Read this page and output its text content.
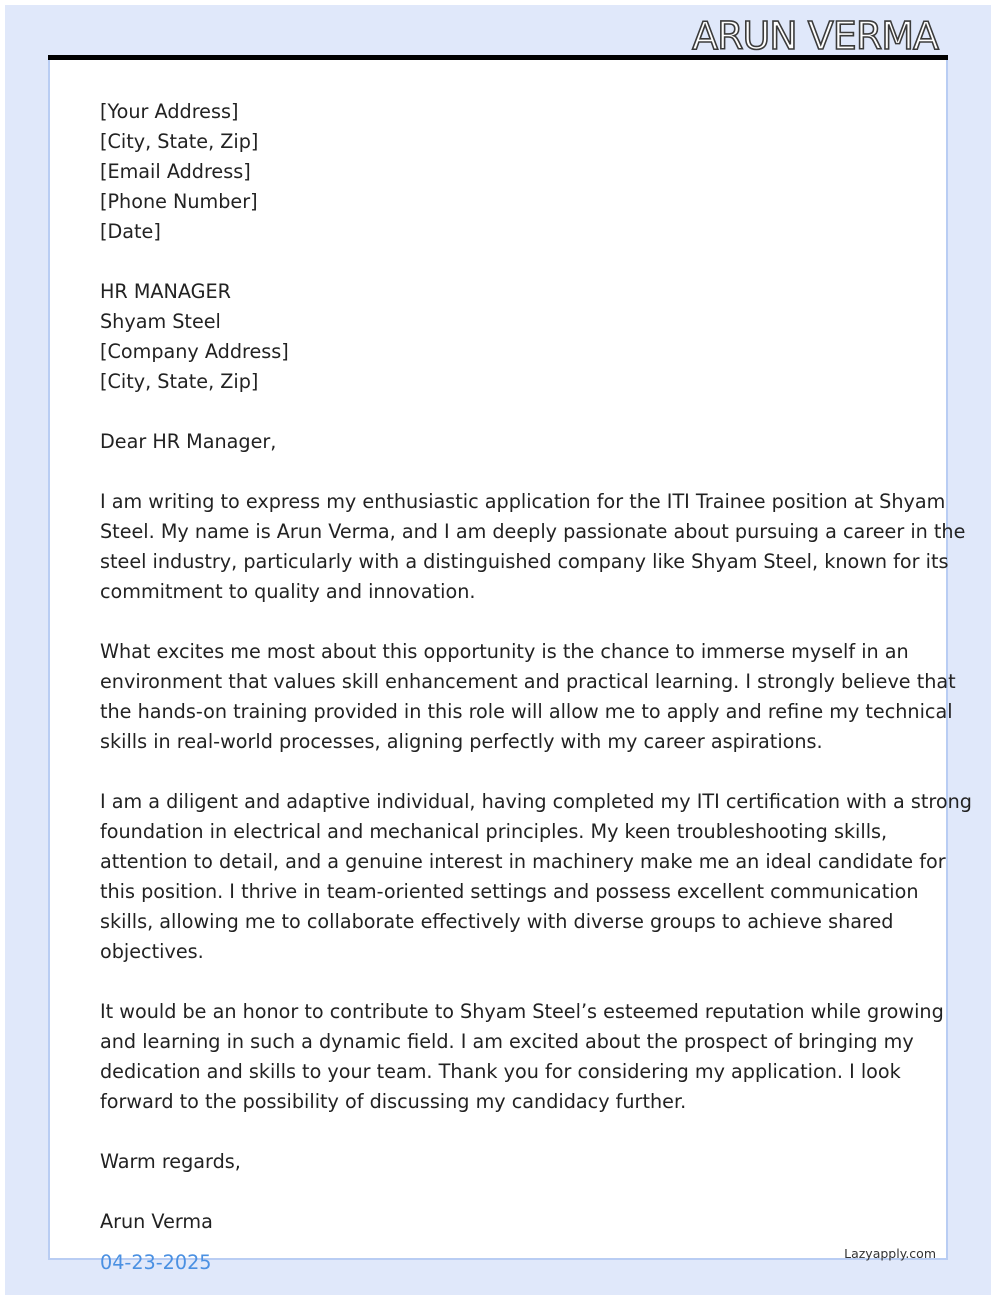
ARUN VERMA
[Your Address]
[City, State, Zip]
[Email Address]
[Phone Number]
[Date]
HR MANAGER
Shyam Steel
[Company Address]
[City, State, Zip]
Dear HR Manager,
I am writing to express my enthusiastic application for the ITI Trainee position at Shyam
Steel. My name is Arun Verma, and I am deeply passionate about pursuing a career in the
steel industry, particularly with a distinguished company like Shyam Steel, known for its
commitment to quality and innovation.
What excites me most about this opportunity is the chance to immerse myself in an
environment that values skill enhancement and practical learning. I strongly believe that
the hands-on training provided in this role will allow me to apply and refine my technical
skills in real-world processes, aligning perfectly with my career aspirations.
I am a diligent and adaptive individual, having completed my ITI certification with a strong
foundation in electrical and mechanical principles. My keen troubleshooting skills,
attention to detail, and a genuine interest in machinery make me an ideal candidate for
this position. I thrive in team-oriented settings and possess excellent communication
skills, allowing me to collaborate effectively with diverse groups to achieve shared
objectives.
It would be an honor to contribute to Shyam Steel’s esteemed reputation while growing
and learning in such a dynamic field. I am excited about the prospect of bringing my
dedication and skills to your team. Thank you for considering my application. I look
forward to the possibility of discussing my candidacy further.
Warm regards,
Arun Verma
04-23-2025	Lazyapply.com
